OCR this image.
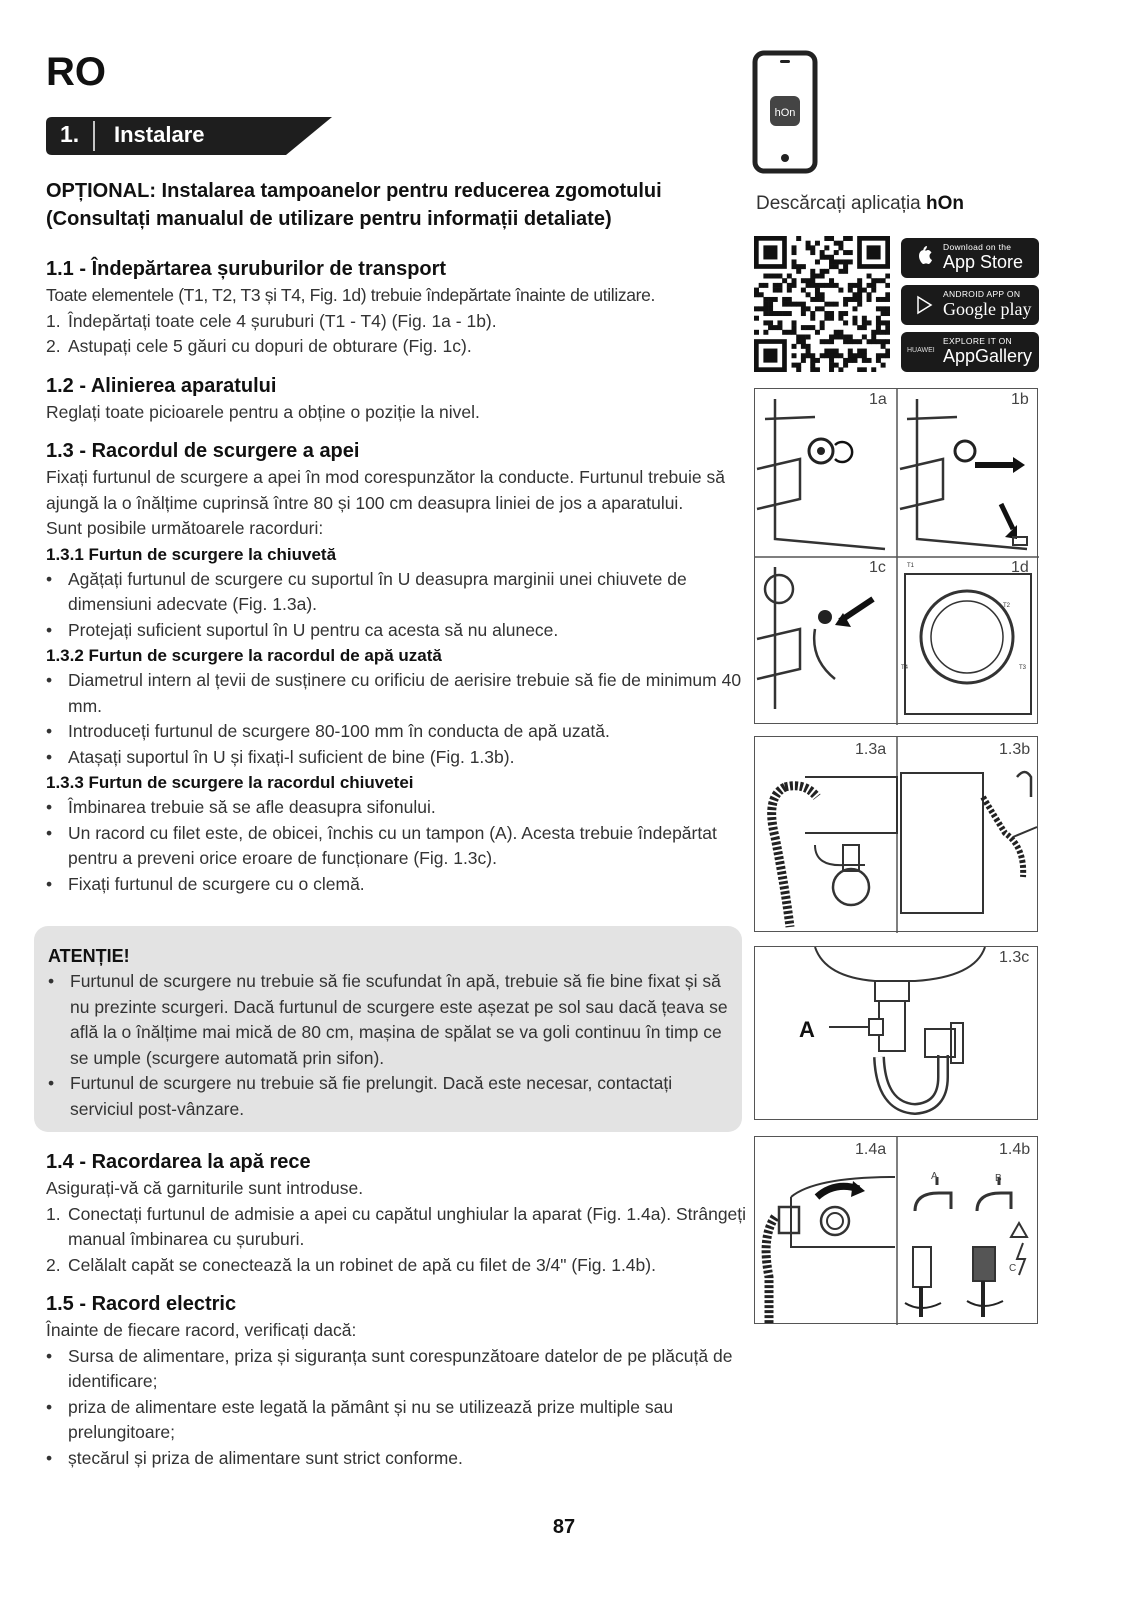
RO
1. Instalare
OPȚIONAL: Instalarea tampoanelor pentru reducerea zgomotului
(Consultați manualul de utilizare pentru informații detaliate)
1.1 - Îndepărtarea șuruburilor de transport

Toate elementele (T1, T2, T3 și T4, Fig. 1d) trebuie îndepărtate înainte de utilizare.

1. Îndepărtați toate cele 4 șuruburi (T1 - T4) (Fig. 1a - 1b).
2. Astupați cele 5 găuri cu dopuri de obturare (Fig. 1c).
1.2 - Alinierea aparatului

Reglați toate picioarele pentru a obține o poziție la nivel.

1.3 - Racordul de scurgere a apei

Fixați furtunul de scurgere a apei în mod corespunzător la conducte. Furtunul trebuie să ajungă la o înălțime cuprinsă între 80 și 100 cm deasupra liniei de jos a aparatului.

Sunt posibile următoarele racorduri:

1.3.1 Furtun de scurgere la chiuvetă
• Agățați furtunul de scurgere cu suportul în U deasupra marginii unei chiuvete de dimensiuni adecvate (Fig. 1.3a).
• Protejați suficient suportul în U pentru ca acesta să nu alunece.
1.3.2 Furtun de scurgere la racordul de apă uzată
• Diametrul intern al țevii de susținere cu orificiu de aerisire trebuie să fie de minimum 40 mm.
• Introduceți furtunul de scurgere 80-100 mm în conducta de apă uzată.
• Atașați suportul în U și fixați-l suficient de bine (Fig. 1.3b).
1.3.3 Furtun de scurgere la racordul chiuvetei
• Îmbinarea trebuie să se afle deasupra sifonului.
• Un racord cu filet este, de obicei, închis cu un tampon (A). Acesta trebuie îndepărtat pentru a preveni orice eroare de funcționare (Fig. 1.3c).
• Fixați furtunul de scurgere cu o clemă.
ATENȚIE!
• Furtunul de scurgere nu trebuie să fie scufundat în apă, trebuie să fie bine fixat și să nu prezinte scurgeri. Dacă furtunul de scurgere este așezat pe sol sau dacă țeava se află la o înălțime mai mică de 80 cm, mașina de spălat se va goli continuu în timp ce se umple (scurgere automată prin sifon).
• Furtunul de scurgere nu trebuie să fie prelungit. Dacă este necesar, contactați serviciul post-vânzare.
1.4 - Racordarea la apă rece

Asigurați-vă că garniturile sunt introduse.

1. Conectați furtunul de admisie a apei cu capătul unghiular la aparat (Fig. 1.4a). Strângeți manual îmbinarea cu șuruburi.
2. Celălalt capăt se conectează la un robinet de apă cu filet de 3/4" (Fig. 1.4b).
1.5 - Racord electric

Înainte de fiecare racord, verificați dacă:

• Sursa de alimentare, priza și siguranța sunt corespunzătoare datelor de pe plăcuță de identificare;
• priza de alimentare este legată la pământ și nu se utilizează prize multiple sau prelungitoare;
• ștecărul și priza de alimentare sunt strict conforme.
87
hOn
Descărcați aplicația hOn
Download on the
App Store
ANDROID APP ON
Google play
EXPLORE IT ON
AppGallery
HUAWEI
T2
T3
T4
T1
1a	1b
1c	1d
1.3a	1.3b
A
1.3c
1.4a	1.4b
A	B
C
